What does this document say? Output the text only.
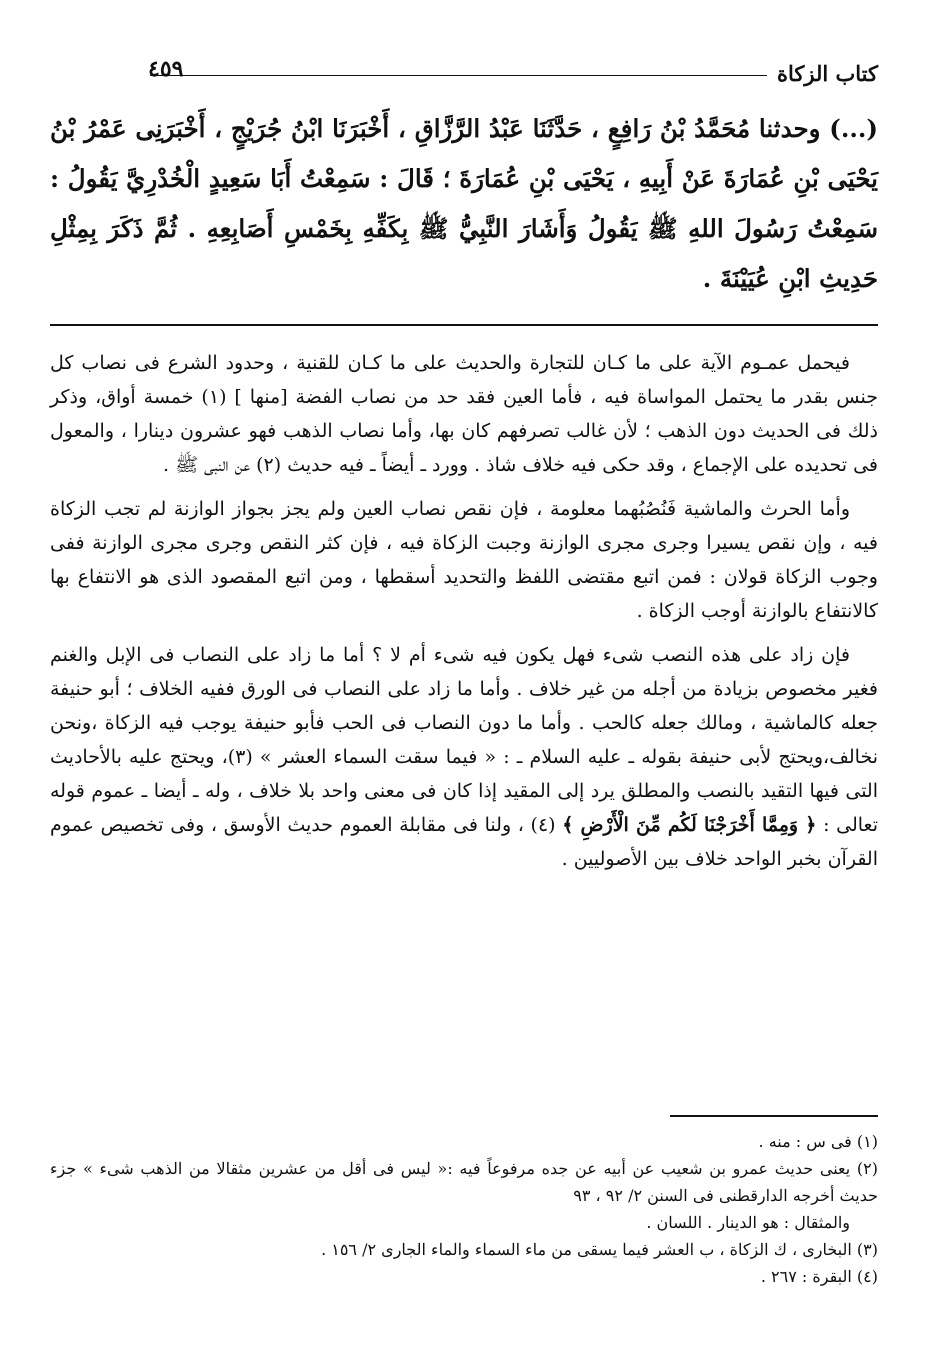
كتاب الزكاة
٤٥٩

(...) وحدثنا مُحَمَّدُ بْنُ رَافِعٍ ، حَدَّثَنَا عَبْدُ الرَّزَّاقِ ، أَخْبَرَنَا ابْنُ جُرَيْجٍ ، أَخْبَرَنِى عَمْرُ بْنُ يَحْيَى بْنِ عُمَارَةَ عَنْ أَبِيهِ ، يَحْيَى بْنِ عُمَارَةَ ؛ قَالَ : سَمِعْتُ أَبَا سَعِيدٍ الْخُدْرِيَّ يَقُولُ : سَمِعْتُ رَسُولَ اللهِ ﷺ يَقُولُ وَأَشَارَ النَّبِيُّ ﷺ بِكَفِّهِ بِخَمْسِ أَصَابِعِهِ . ثُمَّ ذَكَرَ بِمِثْلِ حَدِيثِ ابْنِ عُيَيْنَةَ .

فيحمل عمـوم الآية على ما كـان للتجارة والحديث على ما كـان للقنية ، وحدود الشرع فى نصاب كل جنس بقدر ما يحتمل المواساة فيه ، فأما العين فقد حد من نصاب الفضة [منها ] (١) خمسة أواق، وذكر ذلك فى الحديث دون الذهب ؛ لأن غالب تصرفهم كان بها، وأما نصاب الذهب فهو عشرون دينارا ، والمعول فى تحديده على الإجماع ، وقد حكى فيه خلاف شاذ . وورد ـ أيضاً ـ فيه حديث (٢) عن النبى ﷺ .

وأما الحرث والماشية فَنُصُبُهما معلومة ، فإن نقص نصاب العين ولم يجز بجواز الوازنة لم تجب الزكاة فيه ، وإن نقص يسيرا وجرى مجرى الوازنة وجبت الزكاة فيه ، فإن كثر النقص وجرى مجرى الوازنة ففى وجوب الزكاة قولان : فمن اتبع مقتضى اللفظ والتحديد أسقطها ، ومن اتبع المقصود الذى هو الانتفاع بها كالانتفاع بالوازنة أوجب الزكاة .

فإن زاد على هذه النصب شىء فهل يكون فيه شىء أم لا ؟ أما ما زاد على النصاب فى الإبل والغنم فغير مخصوص بزيادة من أجله من غير خلاف . وأما ما زاد على النصاب فى الورق ففيه الخلاف ؛ أبو حنيفة جعله كالماشية ، ومالك جعله كالحب . وأما ما دون النصاب فى الحب فأبو حنيفة يوجب فيه الزكاة ،ونحن نخالف،ويحتج لأبى حنيفة بقوله ـ عليه السلام ـ : « فيما سقت السماء العشر » (٣)، ويحتج عليه بالأحاديث التى فيها التقيد بالنصب والمطلق يرد إلى المقيد إذا كان فى معنى واحد بلا خلاف ، وله ـ أيضا ـ عموم قوله تعالى : ﴿ وَمِمَّا أَخْرَجْنَا لَكُم مِّنَ الْأَرْضِ ﴾ (٤) ، ولنا فى مقابلة العموم حديث الأوسق ، وفى تخصيص عموم القرآن بخبر الواحد خلاف بين الأصوليين .

(١) فى س : منه .

(٢) يعنى حديث عمرو بن شعيب عن أبيه عن جده مرفوعاً فيه :« ليس فى أقل من عشرين مثقالا من الذهب شىء » جزء حديث أخرجه الدارقطنى فى السنن ٢/ ٩٢ ، ٩٣

والمثقال : هو الدينار . اللسان .

(٣) البخارى ، ك الزكاة ، ب العشر فيما يسقى من ماء السماء والماء الجارى ٢/ ١٥٦ .

(٤) البقرة : ٢٦٧ .
